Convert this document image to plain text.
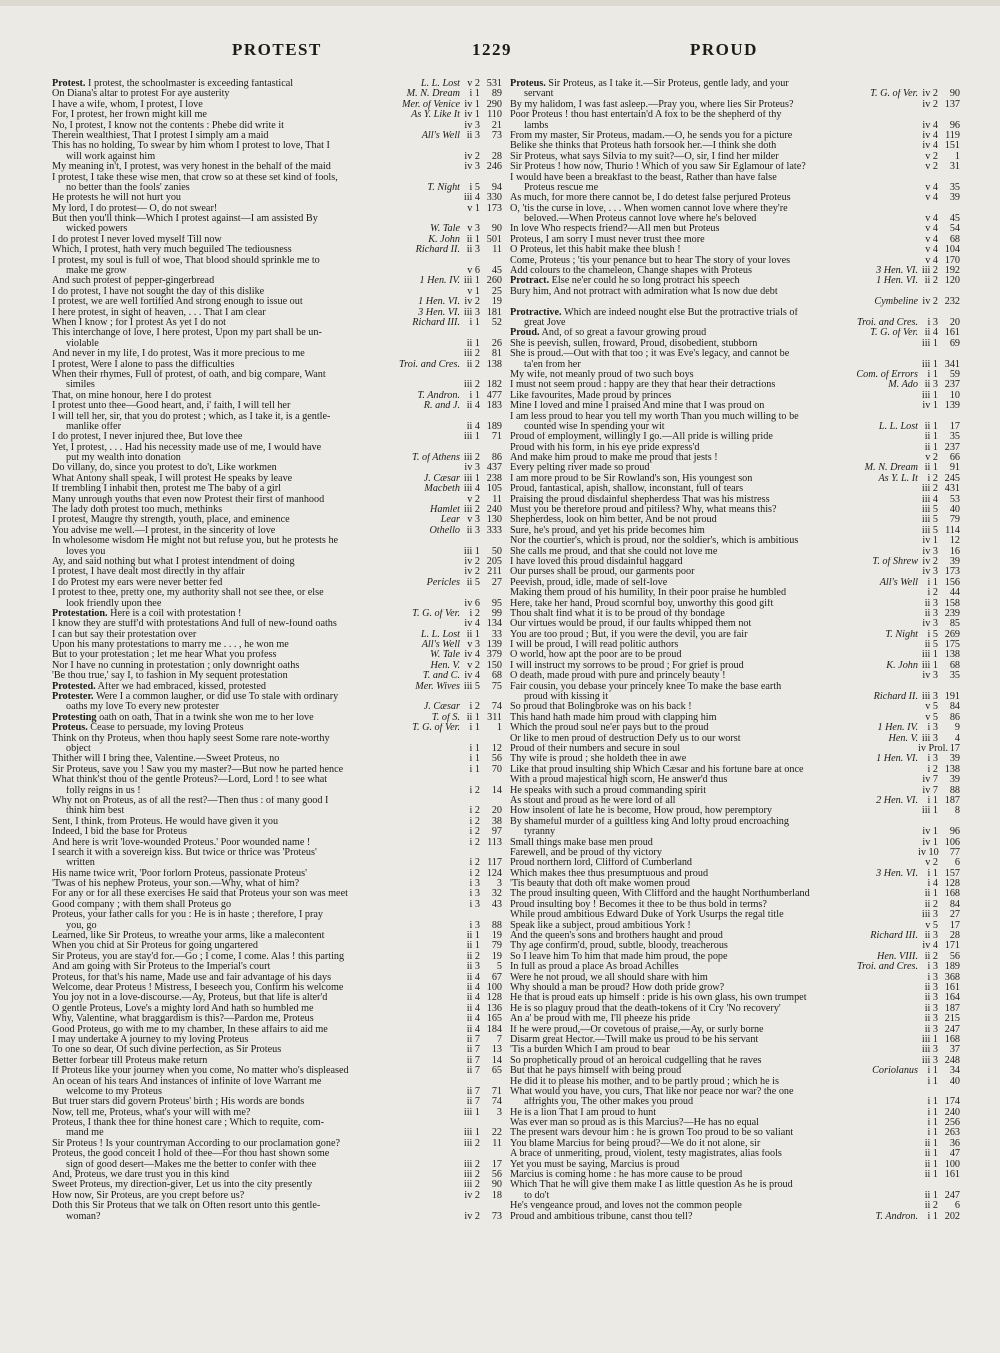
PROTEST	1229	PROUD
Protest. I protest, the schoolmaster is exceeding fantastical	L. L. Lost v 2 531
On Diana's altar to protest For aye austerity	M. N. Dream i 1 89
I have a wife, whom, I protest, I love	Mer. of Venice iv 1 290
For, I protest, her frown might kill me	As Y. Like It iv 1 110
No, I protest, I know not the contents : Phebe did write it	iv 3 21
Therein wealthiest, That I protest I simply am a maid	All's Well ii 3 73
This has no holding, To swear by him whom I protest to love, That I
will work against him	iv 2 28
My meaning in't, I protest, was very honest in the behalf of the maid	iv 3 246
I protest, I take these wise men, that crow so at these set kind of fools,
no better than the fools' zanies	T. Night i 5 94
He protests he will not hurt you	iii 4 330
My lord, I do protest— O, do not swear!	v 1 173
But then you'll think—Which I protest against—I am assisted By
wicked powers	W. Tale v 3 90
I do protest I never loved myself Till now	K. John ii 1 501
Which, I protest, hath very much beguiled The tediousness	Richard II. ii 3 11
I protest, my soul is full of woe, That blood should sprinkle me to
make me grow	v 6 45
And such protest of pepper-gingerbread	1 Hen. IV. iii 1 260
I do protest, I have not sought the day of this dislike	v 1 25
I protest, we are well fortified And strong enough to issue out	1 Hen. VI. iv 2 19
I here protest, in sight of heaven, . . . That I am clear	3 Hen. VI. iii 3 181
When I know ; for I protest As yet I do not	Richard III. i 1 52
This interchange of love, I here protest, Upon my part shall be un-
violable	ii 1 26
And never in my life, I do protest, Was it more precious to me	iii 2 81
I protest, Were I alone to pass the difficulties	Troi. and Cres. ii 2 138
When their rhymes, Full of protest, of oath, and big compare, Want
similes	iii 2 182
That, on mine honour, here I do protest	T. Andron. i 1 477
I protest unto thee—Good heart, and, i' faith, I will tell her	R. and J. ii 4 183
I will tell her, sir, that you do protest ; which, as I take it, is a gentle-
manlike offer	ii 4 189
I do protest, I never injured thee, But love thee	iii 1 71
Yet, I protest, . . . Had his necessity made use of me, I would have
put my wealth into donation	T. of Athens iii 2 86
Do villany, do, since you protest to do't, Like workmen	iv 3 437
What Antony shall speak, I will protest He speaks by leave	J. Cæsar iii 1 238
If trembling I inhabit then, protest me The baby of a girl	Macbeth iii 4 105
Many unrough youths that even now Protest their first of manhood	v 2 11
The lady doth protest too much, methinks	Hamlet iii 2 240
I protest, Maugre thy strength, youth, place, and eminence	Lear v 3 130
You advise me well.—I protest, in the sincerity of love	Othello ii 3 333
In wholesome wisdom He might not but refuse you, but he protests he
loves you	iii 1 50
Ay, and said nothing but what I protest intendment of doing	iv 2 205
I protest, I have dealt most directly in thy affair	iv 2 211
I do Protest my ears were never better fed	Pericles ii 5 27
I protest to thee, pretty one, my authority shall not see thee, or else
look friendly upon thee	iv 6 95
Protestation. Here is a coil with protestation !	T. G. of Ver. i 2 99
I know they are stuff'd with protestations And full of new-found oaths	iv 4 134
I can but say their protestation over	L. L. Lost ii 1 33
Upon his many protestations to marry me . . . , he won me	All's Well v 3 139
But to your protestation ; let me hear What you profess	W. Tale iv 4 379
Nor I have no cunning in protestation ; only downright oaths	Hen. V. v 2 150
'Be thou true,' say I, to fashion in My sequent protestation	T. and C. iv 4 68
Protested. After we had embraced, kissed, protested	Mer. Wives iii 5 75
Protester. Were I a common laugher, or did use To stale with ordinary
oaths my love To every new protester	J. Cæsar i 2 74
Protesting oath on oath, That in a twink she won me to her love	T. of S. ii 1 311
Proteus. Cease to persuade, my loving Proteus	T. G. of Ver. i 1 1
Think on thy Proteus, when thou haply seest Some rare note-worthy
object	i 1 12
Thither will I bring thee, Valentine.—Sweet Proteus, no	i 1 56
Sir Proteus, save you ! Saw you my master?—But now he parted hence	i 1 70
What think'st thou of the gentle Proteus?—Lord, Lord ! to see what
folly reigns in us !	i 2 14
Why not on Proteus, as of all the rest?—Then thus : of many good I
think him best	i 2 20
Sent, I think, from Proteus. He would have given it you	i 2 38
Indeed, I bid the base for Proteus	i 2 97
And here is writ 'love-wounded Proteus.' Poor wounded name !	i 2 113
I search it with a sovereign kiss. But twice or thrice was 'Proteus'
written	i 2 117
His name twice writ, 'Poor forlorn Proteus, passionate Proteus'	i 2 124
'Twas of his nephew Proteus, your son.—Why, what of him?	i 3 3
For any or for all these exercises He said that Proteus your son was meet	i 3 32
Good company ; with them shall Proteus go	i 3 43
Proteus, your father calls for you : He is in haste ; therefore, I pray
you, go	i 3 88
Learned, like Sir Proteus, to wreathe your arms, like a malecontent	ii 1 19
When you chid at Sir Proteus for going ungartered	ii 1 79
Sir Proteus, you are stay'd for.—Go ; I come, I come. Alas ! this parting	ii 2 19
And am going with Sir Proteus to the Imperial's court	ii 3 5
Proteus, for that's his name, Made use and fair advantage of his days	ii 4 67
Welcome, dear Proteus ! Mistress, I beseech you, Confirm his welcome	ii 4 100
You joy not in a love-discourse.—Ay, Proteus, but that life is alter'd	ii 4 128
O gentle Proteus, Love's a mighty lord And hath so humbled me	ii 4 136
Why, Valentine, what braggardism is this?—Pardon me, Proteus	ii 4 165
Good Proteus, go with me to my chamber, In these affairs to aid me	ii 4 184
I may undertake A journey to my loving Proteus	ii 7 7
To one so dear, Of such divine perfection, as Sir Proteus	ii 7 13
Better forbear till Proteus make return	ii 7 14
If Proteus like your journey when you come, No matter who's displeased	ii 7 65
An ocean of his tears And instances of infinite of love Warrant me
welcome to my Proteus	ii 7 71
But truer stars did govern Proteus' birth ; His words are bonds	ii 7 74
Now, tell me, Proteus, what's your will with me?	iii 1 3
Proteus, I thank thee for thine honest care ; Which to requite, com-
mand me	iii 1 22
Sir Proteus ! Is your countryman According to our proclamation gone?	iii 2 11
Proteus, the good conceit I hold of thee—For thou hast shown some
sign of good desert—Makes me the better to confer with thee	iii 2 17
And, Proteus, we dare trust you in this kind	iii 2 56
Sweet Proteus, my direction-giver, Let us into the city presently	iii 2 90
How now, Sir Proteus, are you crept before us?	iv 2 18
Doth this Sir Proteus that we talk on Often resort unto this gentle-
woman?	iv 2 73
Proteus. Sir Proteus, as I take it.—Sir Proteus, gentle lady, and your
servant	T. G. of Ver. iv 2 90
By my halidom, I was fast asleep.—Pray you, where lies Sir Proteus?	iv 2 137
Poor Proteus ! thou hast entertain'd A fox to be the shepherd of thy
lambs	iv 4 96
From my master, Sir Proteus, madam.—O, he sends you for a picture	iv 4 119
Belike she thinks that Proteus hath forsook her.—I think she doth	iv 4 151
Sir Proteus, what says Silvia to my suit?—O, sir, I find her milder	v 2 1
Sir Proteus ! how now, Thurio ! Which of you saw Sir Eglamour of late?	v 2 31
I would have been a breakfast to the beast, Rather than have false
Proteus rescue me	v 4 35
As much, for more there cannot be, I do detest false perjured Proteus	v 4 39
O, 'tis the curse in love, . . . When women cannot love where they're
beloved.—When Proteus cannot love where he's beloved	v 4 45
In love Who respects friend?—All men but Proteus	v 4 54
Proteus, I am sorry I must never trust thee more	v 4 68
O Proteus, let this habit make thee blush !	v 4 104
Come, Proteus ; 'tis your penance but to hear The story of your loves	v 4 170
Add colours to the chameleon, Change shapes with Proteus	3 Hen. VI. iii 2 192
Protract. Else ne'er could he so long protract his speech	1 Hen. VI. ii 2 120
Bury him, And not protract with admiration what Is now due debt
Cymbeline iv 2 232
Protractive. Which are indeed nought else But the protractive trials of
great Jove	Troi. and Cres. i 3 20
Proud. And, of so great a favour growing proud	T. G. of Ver. ii 4 161
She is peevish, sullen, froward, Proud, disobedient, stubborn	iii 1 69
She is proud.—Out with that too ; it was Eve's legacy, and cannot be
ta'en from her	iii 1 341
My wife, not meanly proud of two such boys	Com. of Errors i 1 59
I must not seem proud : happy are they that hear their detractions	M. Ado ii 3 237
Like favourites, Made proud by princes	iii 1 10
Mine I loved and mine I praised And mine that I was proud on	iv 1 139
I am less proud to hear you tell my worth Than you much willing to be
counted wise In spending your wit	L. L. Lost ii 1 17
Proud of employment, willingly I go.—All pride is willing pride	ii 1 35
Proud with his form, in his eye pride express'd	ii 1 237
And make him proud to make me proud that jests !	v 2 66
Every pelting river made so proud	M. N. Dream ii 1 91
I am more proud to be Sir Rowland's son, His youngest son	As Y. L. It i 2 245
Proud, fantastical, apish, shallow, inconstant, full of tears	iii 2 431
Praising the proud disdainful shepherdess That was his mistress	iii 4 53
Must you be therefore proud and pitiless? Why, what means this?	iii 5 40
Shepherdess, look on him better, And be not proud	iii 5 79
Sure, he's proud, and yet his pride becomes him	iii 5 114
Nor the courtier's, which is proud, nor the soldier's, which is ambitious	iv 1 12
She calls me proud, and that she could not love me	iv 3 16
I have loved this proud disdainful haggard	T. of Shrew iv 2 39
Our purses shall be proud, our garments poor	iv 3 173
Peevish, proud, idle, made of self-love	All's Well i 1 156
Making them proud of his humility, In their poor praise he humbled	i 2 44
Here, take her hand, Proud scornful boy, unworthy this good gift	ii 3 158
Thou shalt find what it is to be proud of thy bondage	ii 3 239
Our virtues would be proud, if our faults whipped them not	iv 3 85
You are too proud ; But, if you were the devil, you are fair	T. Night i 5 269
I will be proud, I will read politic authors	ii 5 175
O world, how apt the poor are to be proud	iii 1 138
I will instruct my sorrows to be proud ; For grief is proud	K. John iii 1 68
O death, made proud with pure and princely beauty !	iv 3 35
Fair cousin, you debase your princely knee To make the base earth
proud with kissing it	Richard II. iii 3 191
So proud that Bolingbroke was on his back !	v 5 84
This hand hath made him proud with clapping him	v 5 86
Which the proud soul ne'er pays but to the proud	1 Hen. IV. i 3 9
Or like to men proud of destruction Defy us to our worst	Hen. V. iii 3 4
Proud of their numbers and secure in soul	iv Prol. 17
Thy wife is proud ; she holdeth thee in awe	1 Hen. VI. i 3 39
Like that proud insulting ship Which Cæsar and his fortune bare at once	i 2 138
With a proud majestical high scorn, He answer'd thus	iv 7 39
He speaks with such a proud commanding spirit	iv 7 88
As stout and proud as he were lord of all	2 Hen. VI. i 1 187
How insolent of late he is become, How proud, how peremptory	iii 1 8
By shameful murder of a guiltless king And lofty proud encroaching
tyranny	iv 1 96
Small things make base men proud	iv 1 106
Farewell, and be proud of thy victory	iv 10 77
Proud northern lord, Clifford of Cumberland	v 2 6
Which makes thee thus presumptuous and proud	3 Hen. VI. i 1 157
'Tis beauty that doth oft make women proud	i 4 128
The proud insulting queen, With Clifford and the haught Northumberland	ii 1 168
Proud insulting boy ! Becomes it thee to be thus bold in terms?	ii 2 84
While proud ambitious Edward Duke of York Usurps the regal title	iii 3 27
Speak like a subject, proud ambitious York !	v 5 17
And the queen's sons and brothers haught and proud	Richard III. ii 3 28
Thy age confirm'd, proud, subtle, bloody, treacherous	iv 4 171
So I leave him To him that made him proud, the pope	Hen. VIII. ii 2 56
In full as proud a place As broad Achilles	Troi. and Cres. i 3 189
Were he not proud, we all should share with him	i 3 368
Why should a man be proud? How doth pride grow?	ii 3 161
He that is proud eats up himself : pride is his own glass, his own trumpet	ii 3 164
He is so plaguy proud that the death-tokens of it Cry 'No recovery'	ii 3 187
An a' be proud with me, I'll pheeze his pride	ii 3 215
If he were proud,—Or covetous of praise,—Ay, or surly borne	ii 3 247
Disarm great Hector.—Twill make us proud to be his servant	iii 1 168
'Tis a burden Which I am proud to bear	iii 3 37
So prophetically proud of an heroical cudgelling that he raves	iii 3 248
But that he pays himself with being proud	Coriolanus i 1 34
He did it to please his mother, and to be partly proud ; which he is	i 1 40
What would you have, you curs, That like nor peace nor war? the one
affrights you, The other makes you proud	i 1 174
He is a lion That I am proud to hunt	i 1 240
Was ever man so proud as is this Marcius?—He has no equal	i 1 256
The present wars devour him : he is grown Too proud to be so valiant	i 1 263
You blame Marcius for being proud?—We do it not alone, sir	ii 1 36
A brace of unmeriting, proud, violent, testy magistrates, alias fools	ii 1 47
Yet you must be saying, Marcius is proud	ii 1 100
Marcius is coming home : he has more cause to be proud	ii 1 161
Which That he will give them make I as little question As he is proud
to do't	ii 1 247
He's vengeance proud, and loves not the common people	ii 2 6
Proud and ambitious tribune, canst thou tell?	T. Andron. i 1 202
